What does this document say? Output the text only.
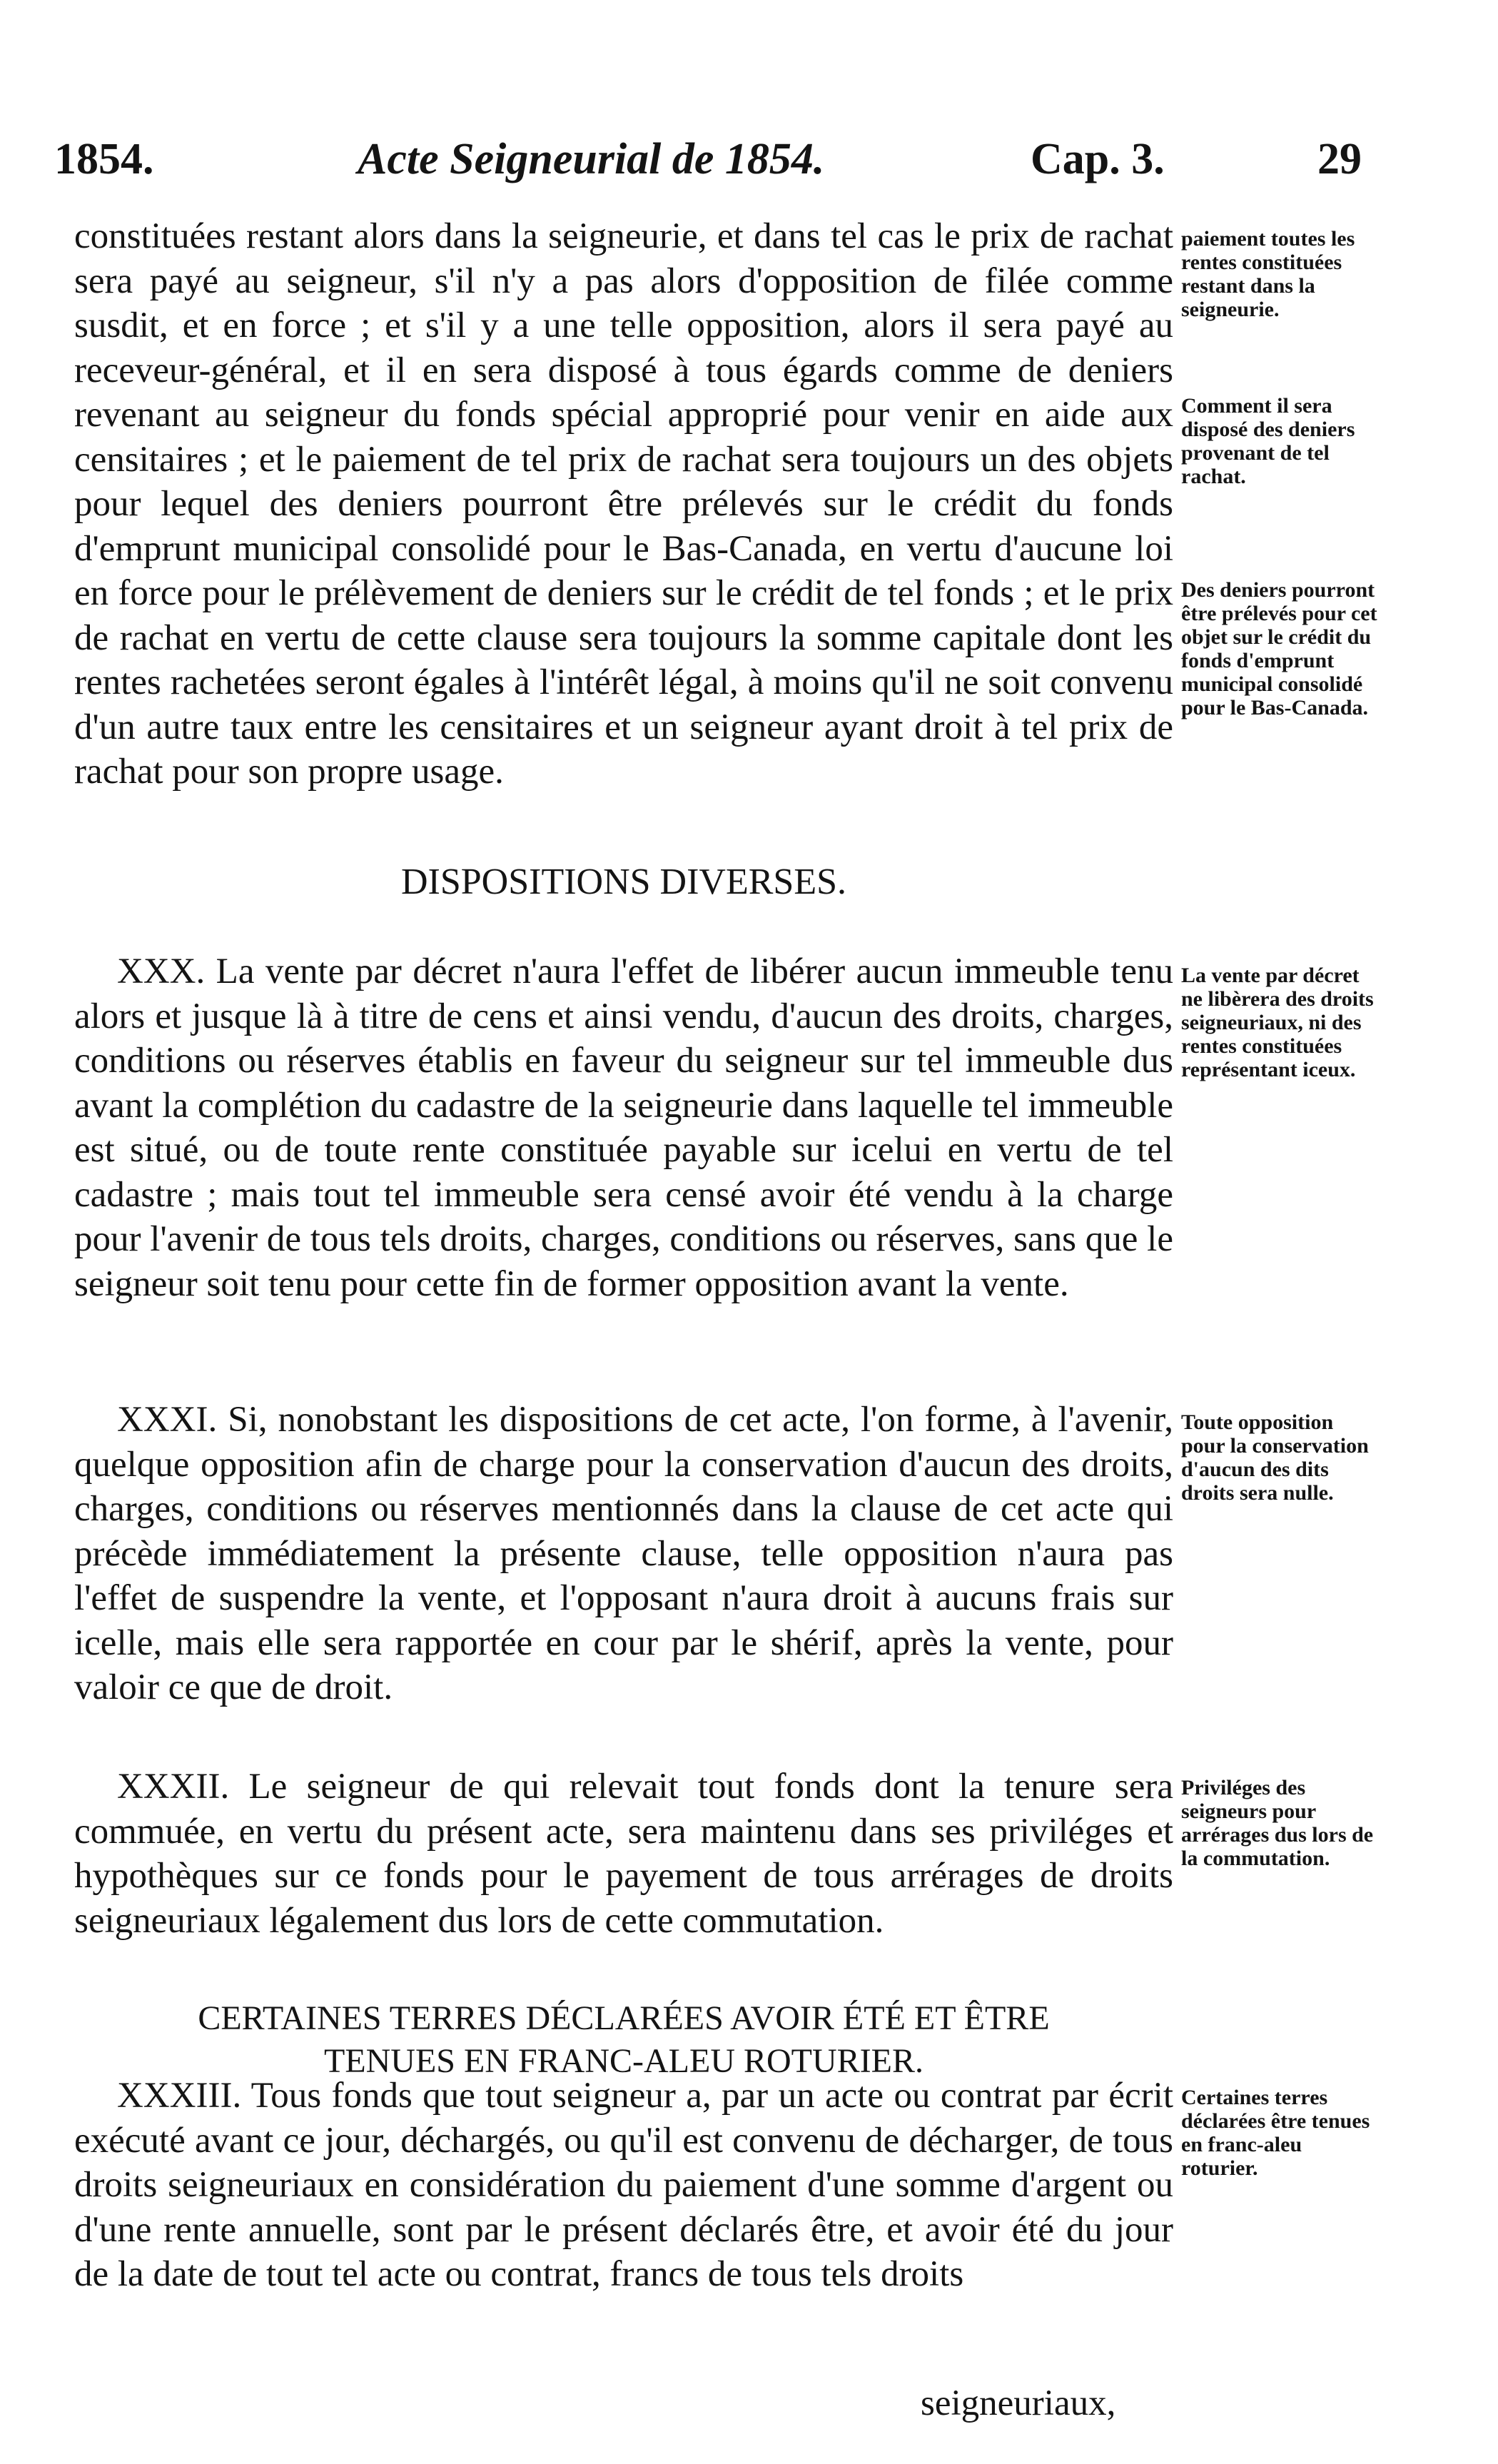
1854.	Acte Seigneurial de 1854.	Cap. 3.	29

constituées restant alors dans la seigneurie, et dans tel cas le prix de rachat sera payé au seigneur, s'il n'y a pas alors d'opposition de filée comme susdit, et en force ; et s'il y a une telle opposition, alors il sera payé au receveur-général, et il en sera disposé à tous égards comme de deniers revenant au seigneur du fonds spécial approprié pour venir en aide aux censitaires ; et le paiement de tel prix de rachat sera toujours un des objets pour lequel des deniers pourront être prélevés sur le crédit du fonds d'emprunt municipal consolidé pour le Bas-Canada, en vertu d'aucune loi en force pour le prélèvement de deniers sur le crédit de tel fonds ; et le prix de rachat en vertu de cette clause sera toujours la somme capitale dont les rentes rachetées seront égales à l'intérêt légal, à moins qu'il ne soit convenu d'un autre taux entre les censitaires et un seigneur ayant droit à tel prix de rachat pour son propre usage.

paiement toutes les rentes constituées restant dans la seigneurie.
Comment il sera disposé des deniers provenant de tel rachat.
Des deniers pourront être prélevés pour cet objet sur le crédit du fonds d'emprunt municipal consolidé pour le Bas-Canada.
DISPOSITIONS DIVERSES.

XXX. La vente par décret n'aura l'effet de libérer aucun immeuble tenu alors et jusque là à titre de cens et ainsi vendu, d'aucun des droits, charges, conditions ou réserves établis en faveur du seigneur sur tel immeuble dus avant la complétion du cadastre de la seigneurie dans laquelle tel immeuble est situé, ou de toute rente constituée payable sur icelui en vertu de tel cadastre ; mais tout tel immeuble sera censé avoir été vendu à la charge pour l'avenir de tous tels droits, charges, conditions ou réserves, sans que le seigneur soit tenu pour cette fin de former opposition avant la vente.

La vente par décret ne libèrera des droits seigneuriaux, ni des rentes constituées représentant iceux.

XXXI. Si, nonobstant les dispositions de cet acte, l'on forme, à l'avenir, quelque opposition afin de charge pour la conservation d'aucun des droits, charges, conditions ou réserves mentionnés dans la clause de cet acte qui précède immédiatement la présente clause, telle opposition n'aura pas l'effet de suspendre la vente, et l'opposant n'aura droit à aucuns frais sur icelle, mais elle sera rapportée en cour par le shérif, après la vente, pour valoir ce que de droit.

Toute opposition pour la conservation d'aucun des dits droits sera nulle.

XXXII. Le seigneur de qui relevait tout fonds dont la tenure sera commuée, en vertu du présent acte, sera maintenu dans ses priviléges et hypothèques sur ce fonds pour le payement de tous arrérages de droits seigneuriaux légalement dus lors de cette commutation.

Priviléges des seigneurs pour arrérages dus lors de la commutation.
CERTAINES TERRES DÉCLARÉES AVOIR ÉTÉ ET ÊTRE
TENUES EN FRANC-ALEU ROTURIER.

XXXIII. Tous fonds que tout seigneur a, par un acte ou contrat par écrit exécuté avant ce jour, déchargés, ou qu'il est convenu de décharger, de tous droits seigneuriaux en considération du paiement d'une somme d'argent ou d'une rente annuelle, sont par le présent déclarés être, et avoir été du jour de la date de tout tel acte ou contrat, francs de tous tels droits

Certaines terres déclarées être tenues en franc-aleu roturier.
seigneuriaux,
